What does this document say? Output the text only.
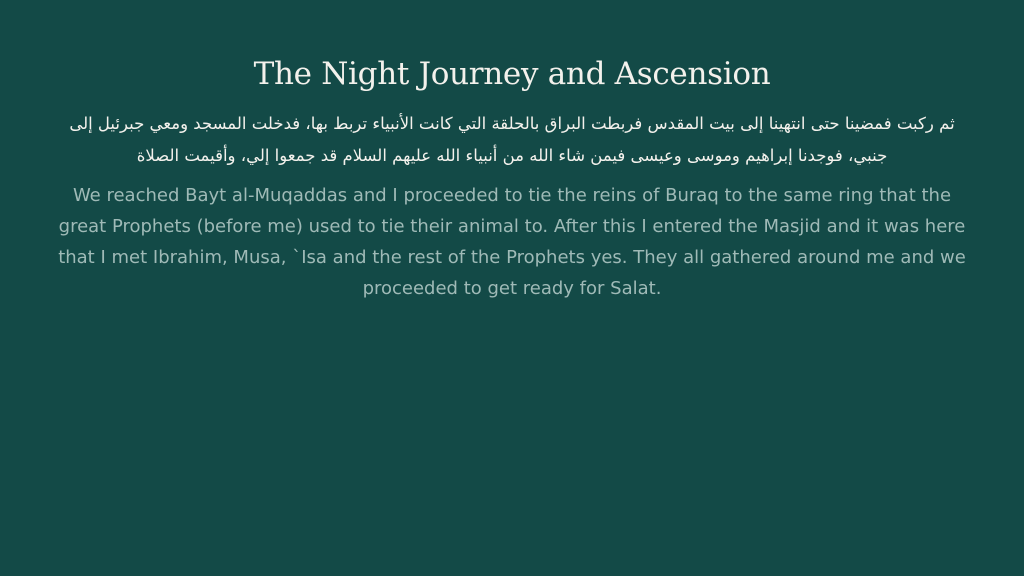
The Night Journey and Ascension

ثم ركبت فمضينا حتى انتهينا إلى بيت المقدس فربطت البراق بالحلقة التي كانت الأنبياء تربط بها، فدخلت المسجد ومعي جبرئيل إلى جنبي، فوجدنا إبراهيم وموسى وعيسى فيمن شاء الله من أنبياء الله عليهم السلام قد جمعوا إلي، وأقيمت الصلاة

We reached Bayt al-Muqaddas and I proceeded to tie the reins of Buraq to the same ring that the great Prophets (before me) used to tie their animal to. After this I entered the Masjid and it was here that I met Ibrahim, Musa, `Isa and the rest of the Prophets yes. They all gathered around me and we proceeded to get ready for Salat.
